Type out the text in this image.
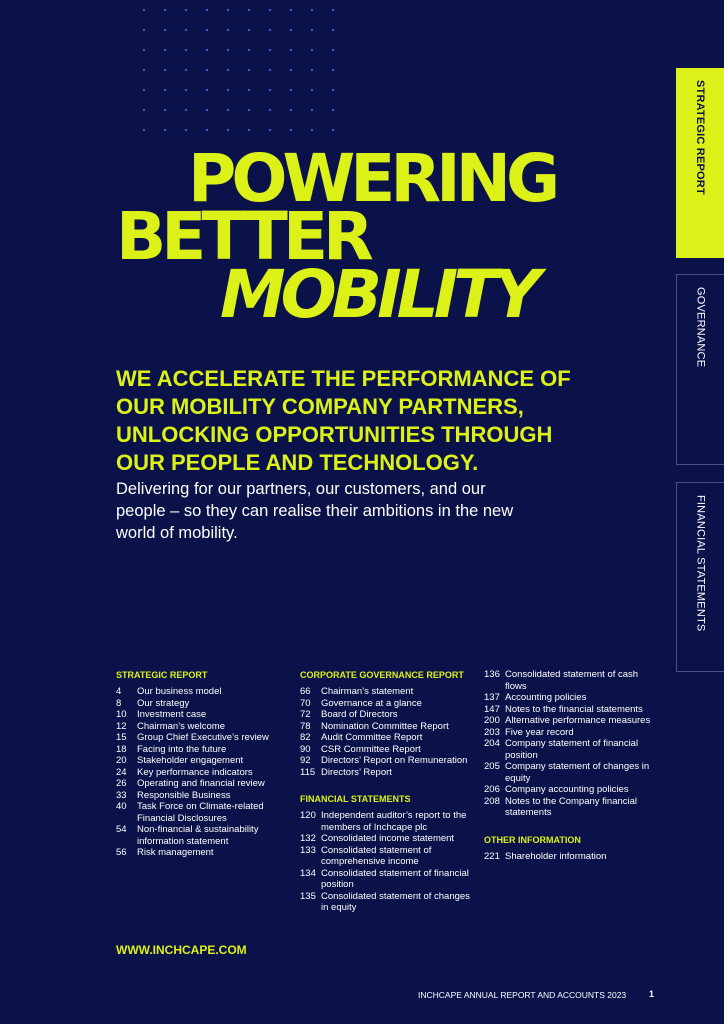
POWERING
BETTER
MOBILITY

WE ACCELERATE THE PERFORMANCE OF OUR MOBILITY COMPANY PARTNERS, UNLOCKING OPPORTUNITIES THROUGH OUR PEOPLE AND TECHNOLOGY.

Delivering for our partners, our customers, and our people – so they can realise their ambitions in the new world of mobility.

STRATEGIC REPORT
GOVERNANCE
FINANCIAL STATEMENTS
STRATEGIC REPORT
4	Our business model
8	Our strategy
10	Investment case
12	Chairman’s welcome
15	Group Chief Executive’s review
18	Facing into the future
20	Stakeholder engagement
24	Key performance indicators
26	Operating and financial review
33	Responsible Business
40	Task Force on Climate-related Financial Disclosures
54	Non-financial & sustainability information statement
56	Risk management
CORPORATE GOVERNANCE REPORT
66	Chairman’s statement
70	Governance at a glance
72	Board of Directors
78	Nomination Committee Report
82	Audit Committee Report
90	CSR Committee Report
92	Directors’ Report on Remuneration
115 Directors’ Report
FINANCIAL STATEMENTS
120 Independent auditor’s report to the members of Inchcape plc
132 Consolidated income statement
133 Consolidated statement of comprehensive income
134 Consolidated statement of financial position
135 Consolidated statement of changes in equity
136 Consolidated statement of cash flows
137 Accounting policies
147 Notes to the financial statements
200 Alternative performance measures
203 Five year record
204 Company statement of financial position
205 Company statement of changes in equity
206 Company accounting policies
208 Notes to the Company financial statements
OTHER INFORMATION
221 Shareholder information
WWW.INCHCAPE.COM
INCHCAPE ANNUAL REPORT AND ACCOUNTS 2023	1
